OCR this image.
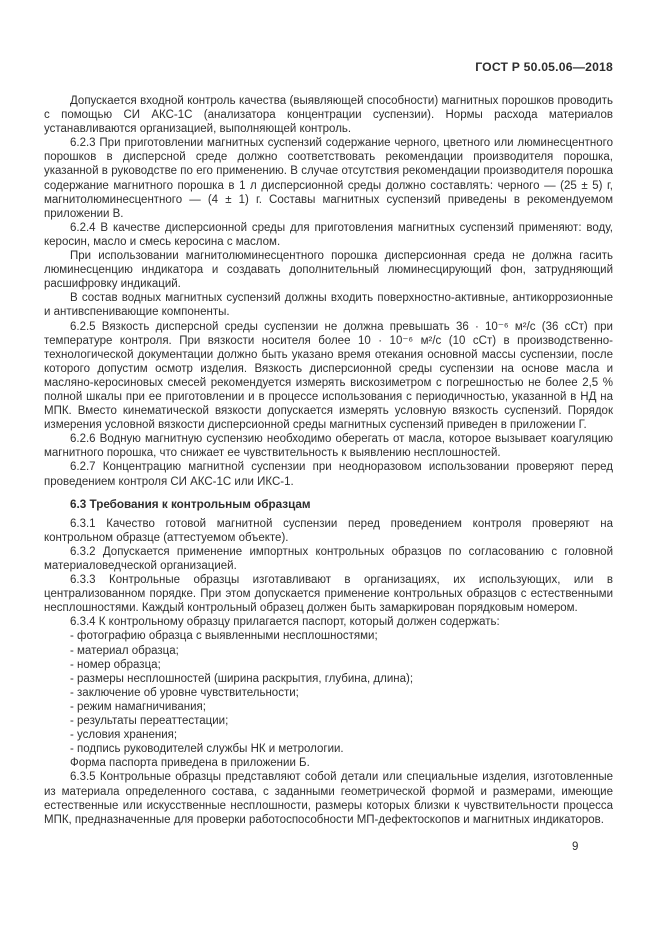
ГОСТ Р 50.05.06—2018

Допускается входной контроль качества (выявляющей способности) магнитных порошков проводить с помощью СИ АКС-1С (анализатора концентрации суспензии). Нормы расхода материалов устанавливаются организацией, выполняющей контроль.

6.2.3 При приготовлении магнитных суспензий содержание черного, цветного или люминесцентного порошков в дисперсной среде должно соответствовать рекомендации производителя порошка, указанной в руководстве по его применению. В случае отсутствия рекомендации производителя порошка содержание магнитного порошка в 1 л дисперсионной среды должно составлять: черного — (25 ± 5) г, магнитолюминесцентного — (4 ± 1) г. Составы магнитных суспензий приведены в рекомендуемом приложении В.

6.2.4 В качестве дисперсионной среды для приготовления магнитных суспензий применяют: воду, керосин, масло и смесь керосина с маслом.

При использовании магнитолюминесцентного порошка дисперсионная среда не должна гасить люминесценцию индикатора и создавать дополнительный люминесцирующий фон, затрудняющий расшифровку индикаций.

В состав водных магнитных суспензий должны входить поверхностно-активные, антикоррозионные и антивспенивающие компоненты.

6.2.5 Вязкость дисперсной среды суспензии не должна превышать 36 · 10⁻⁶ м²/с (36 сСт) при температуре контроля. При вязкости носителя более 10 · 10⁻⁶ м²/с (10 сСт) в производственно-технологической документации должно быть указано время отекания основной массы суспензии, после которого допустим осмотр изделия. Вязкость дисперсионной среды суспензии на основе масла и масляно-керосиновых смесей рекомендуется измерять вискозиметром с погрешностью не более 2,5 % полной шкалы при ее приготовлении и в процессе использования с периодичностью, указанной в НД на МПК. Вместо кинематической вязкости допускается измерять условную вязкость суспензий. Порядок измерения условной вязкости дисперсионной среды магнитных суспензий приведен в приложении Г.

6.2.6 Водную магнитную суспензию необходимо оберегать от масла, которое вызывает коагуляцию магнитного порошка, что снижает ее чувствительность к выявлению несплошностей.

6.2.7 Концентрацию магнитной суспензии при неодноразовом использовании проверяют перед проведением контроля СИ АКС-1С или ИКС-1.

6.3 Требования к контрольным образцам

6.3.1 Качество готовой магнитной суспензии перед проведением контроля проверяют на контрольном образце (аттестуемом объекте).

6.3.2 Допускается применение импортных контрольных образцов по согласованию с головной материаловедческой организацией.

6.3.3 Контрольные образцы изготавливают в организациях, их использующих, или в централизованном порядке. При этом допускается применение контрольных образцов с естественными несплошностями. Каждый контрольный образец должен быть замаркирован порядковым номером.

6.3.4 К контрольному образцу прилагается паспорт, который должен содержать:

- фотографию образца с выявленными несплошностями;

- материал образца;

- номер образца;

- размеры несплошностей (ширина раскрытия, глубина, длина);

- заключение об уровне чувствительности;

- режим намагничивания;

- результаты переаттестации;

- условия хранения;

- подпись руководителей службы НК и метрологии.

Форма паспорта приведена в приложении Б.

6.3.5 Контрольные образцы представляют собой детали или специальные изделия, изготовленные из материала определенного состава, с заданными геометрической формой и размерами, имеющие естественные или искусственные несплошности, размеры которых близки к чувствительности процесса МПК, предназначенные для проверки работоспособности МП-дефектоскопов и магнитных индикаторов.

9
